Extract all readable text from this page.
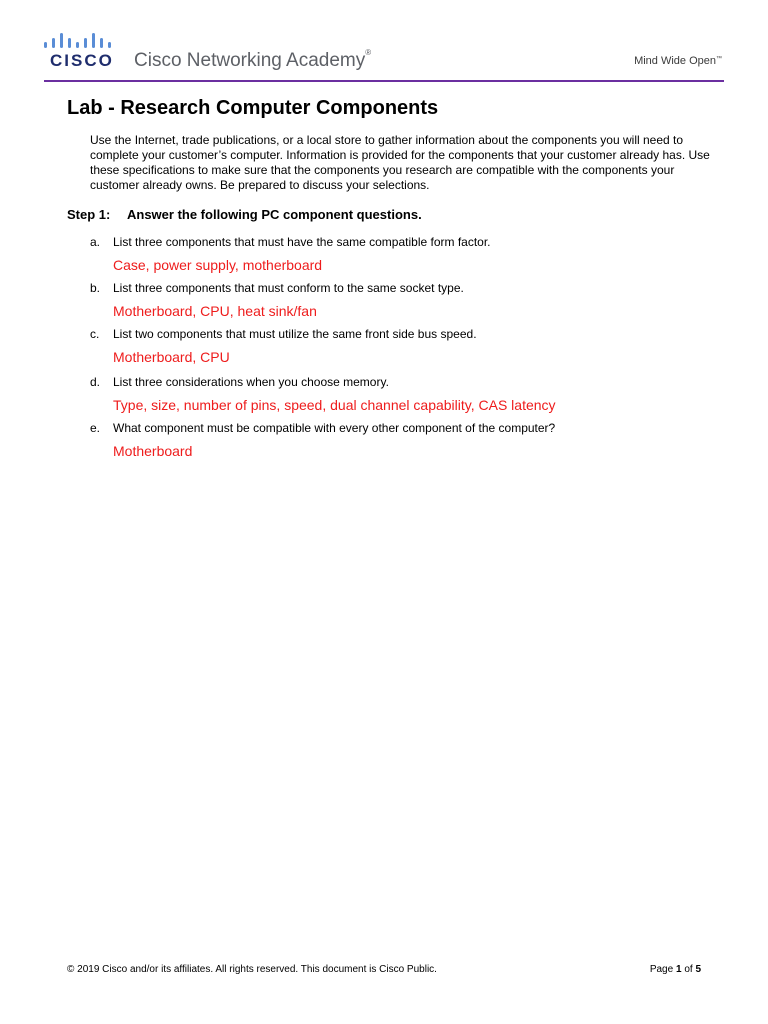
CISCO Cisco Networking Academy®
Mind Wide Open™
Lab - Research Computer Components

Use the Internet, trade publications, or a local store to gather information about the components you will need to complete your customer’s computer. Information is provided for the components that your customer already has. Use these specifications to make sure that the components you research are compatible with the components your customer already owns. Be prepared to discuss your selections.

Step 1: Answer the following PC component questions.
a. List three components that must have the same compatible form factor.
Case, power supply, motherboard
b. List three components that must conform to the same socket type.
Motherboard, CPU, heat sink/fan
c. List two components that must utilize the same front side bus speed.
Motherboard, CPU
d. List three considerations when you choose memory.
Type, size, number of pins, speed, dual channel capability, CAS latency
e. What component must be compatible with every other component of the computer?
Motherboard
© 2019 Cisco and/or its affiliates. All rights reserved. This document is Cisco Public.	Page 1 of 5
